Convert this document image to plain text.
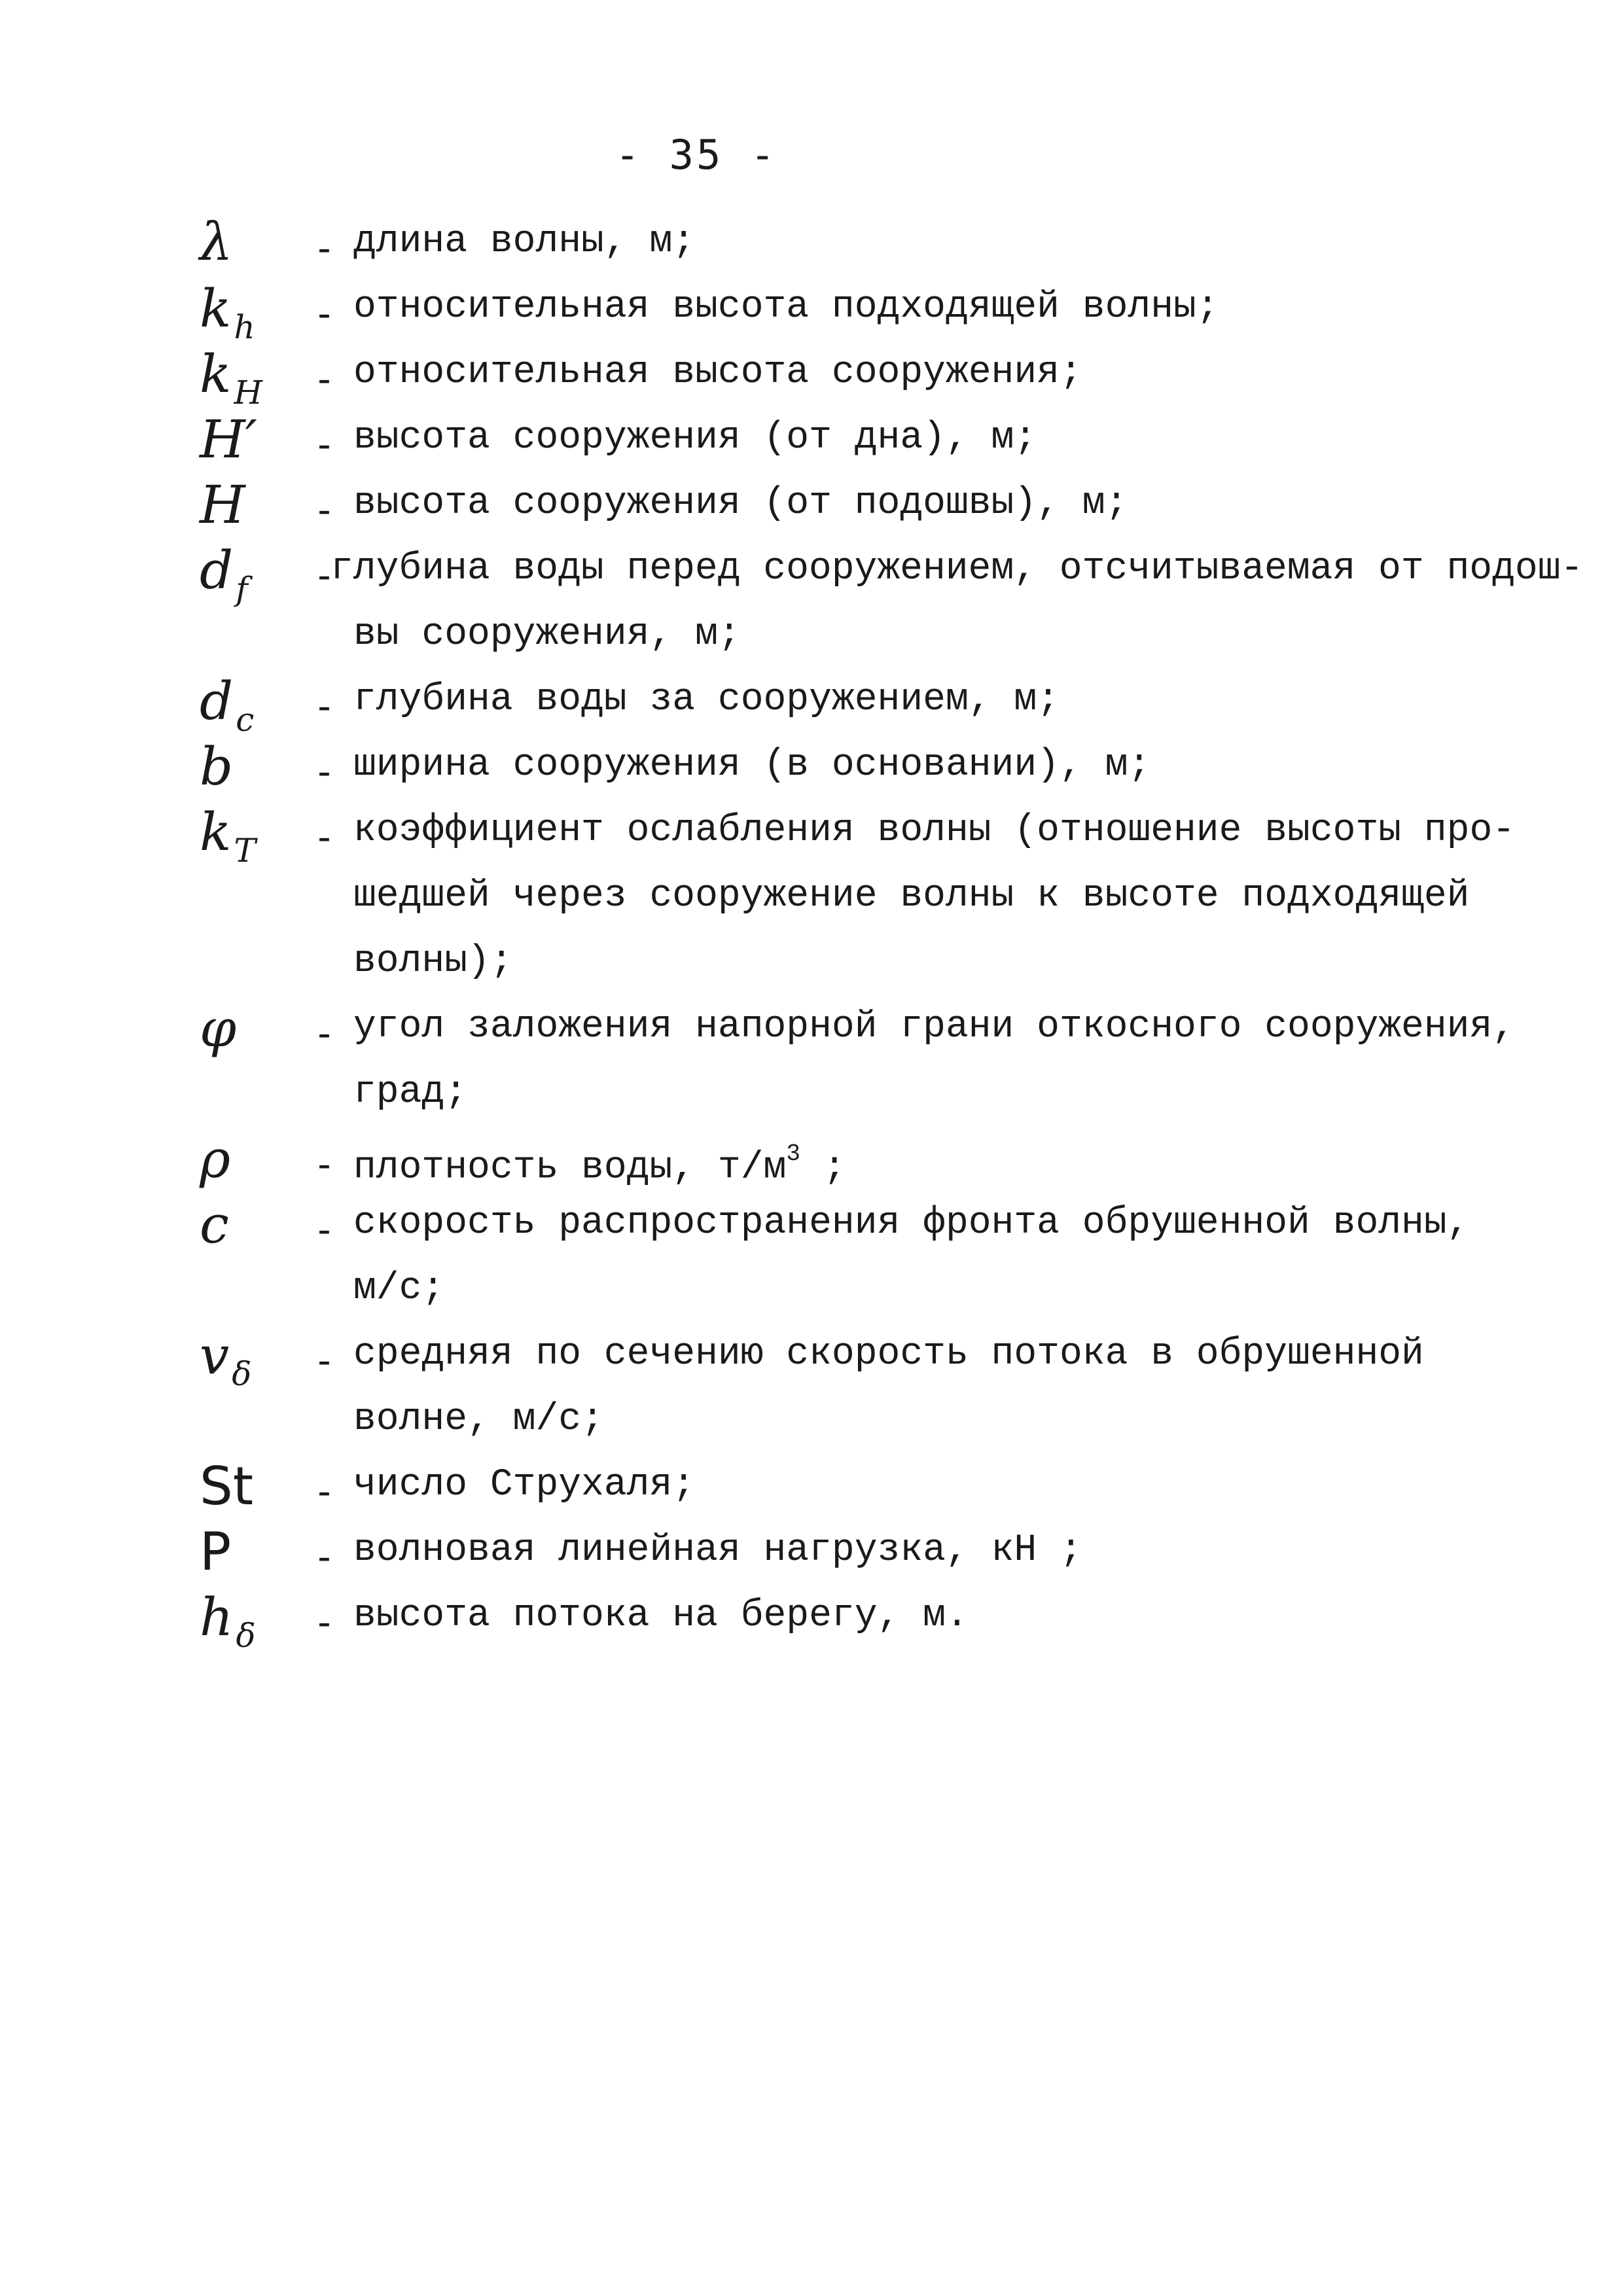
- 35 -
λ - длина волны, м;
$k_h$ - относительная высота подходящей волны;
$k_H$ - относительная высота сооружения;
H′ - высота сооружения (от дна), м;
H - высота сооружения (от подошвы), м;
$d_f$ -
глубина воды перед сооружением, отсчитываемая от подош-
вы сооружения, м;
$d_c$ - глубина воды за сооружением, м;
b - ширина сооружения (в основании), м;
$k_T$ - коэффициент ослабления волны (отношение высоты про-
шедшей через сооружение волны к высоте подходящей
волны);
φ - угол заложения напорной грани откосного сооружения,
град;
ρ - плотность воды, $т/м^3$ ;
c - скорость распространения фронта обрушенной волны,
м/с;
$v_\delta$ - средняя по сечению скорость потока в обрушенной
волне, м/с;
St - число Струхаля;
P - волновая линейная нагрузка, кН ;
$h_\delta$ - высота потока на берегу, м.
